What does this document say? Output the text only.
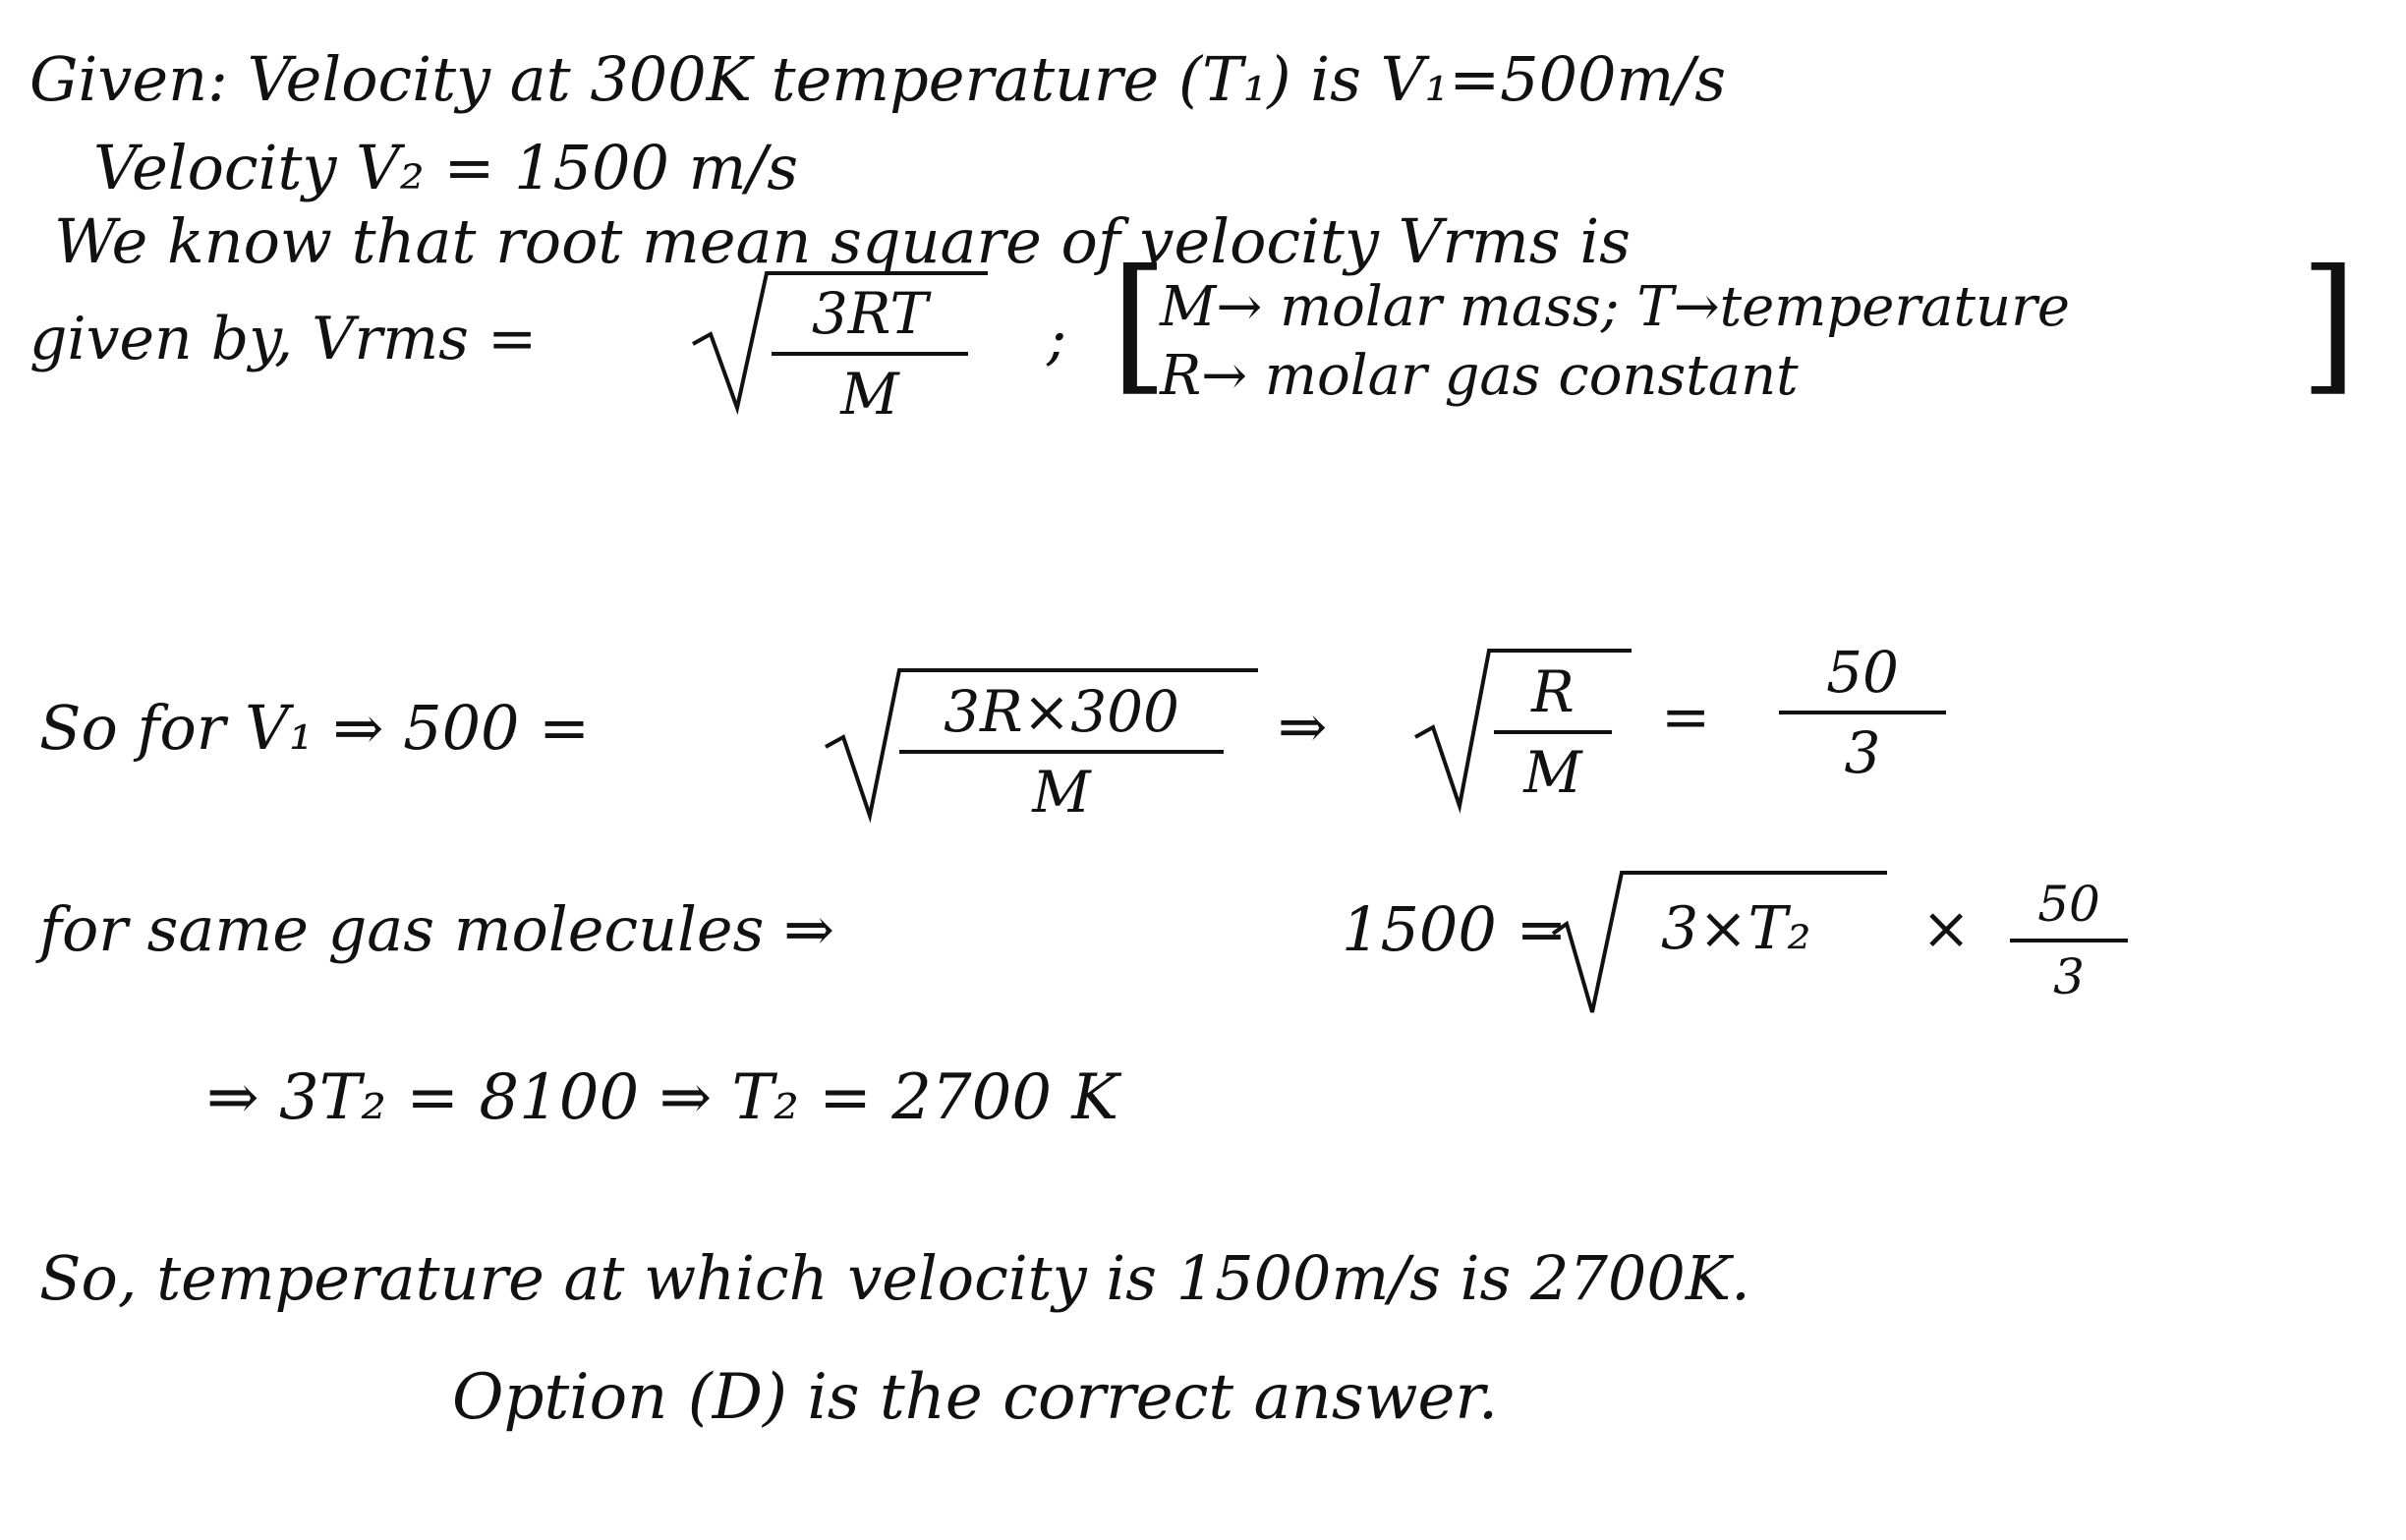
Given: Velocity at 300K temperature (T₁) is V₁=500m/s
Velocity V₂ = 1500 m/s
We know that root mean square of velocity Vrms is
given by, Vrms =	3RT
M
; [
M→ molar mass; T→temperature
R→ molar gas constant	]
So for V₁ ⇒ 500 =	3R×300
M
⇒
R
M
=
50
3
for same gas molecules ⇒	1500 = 3×T₂ ×	50
3
⇒ 3T₂ = 8100 ⇒ T₂ = 2700 K
So, temperature at which velocity is 1500m/s is 2700K.
Option (D) is the correct answer.
